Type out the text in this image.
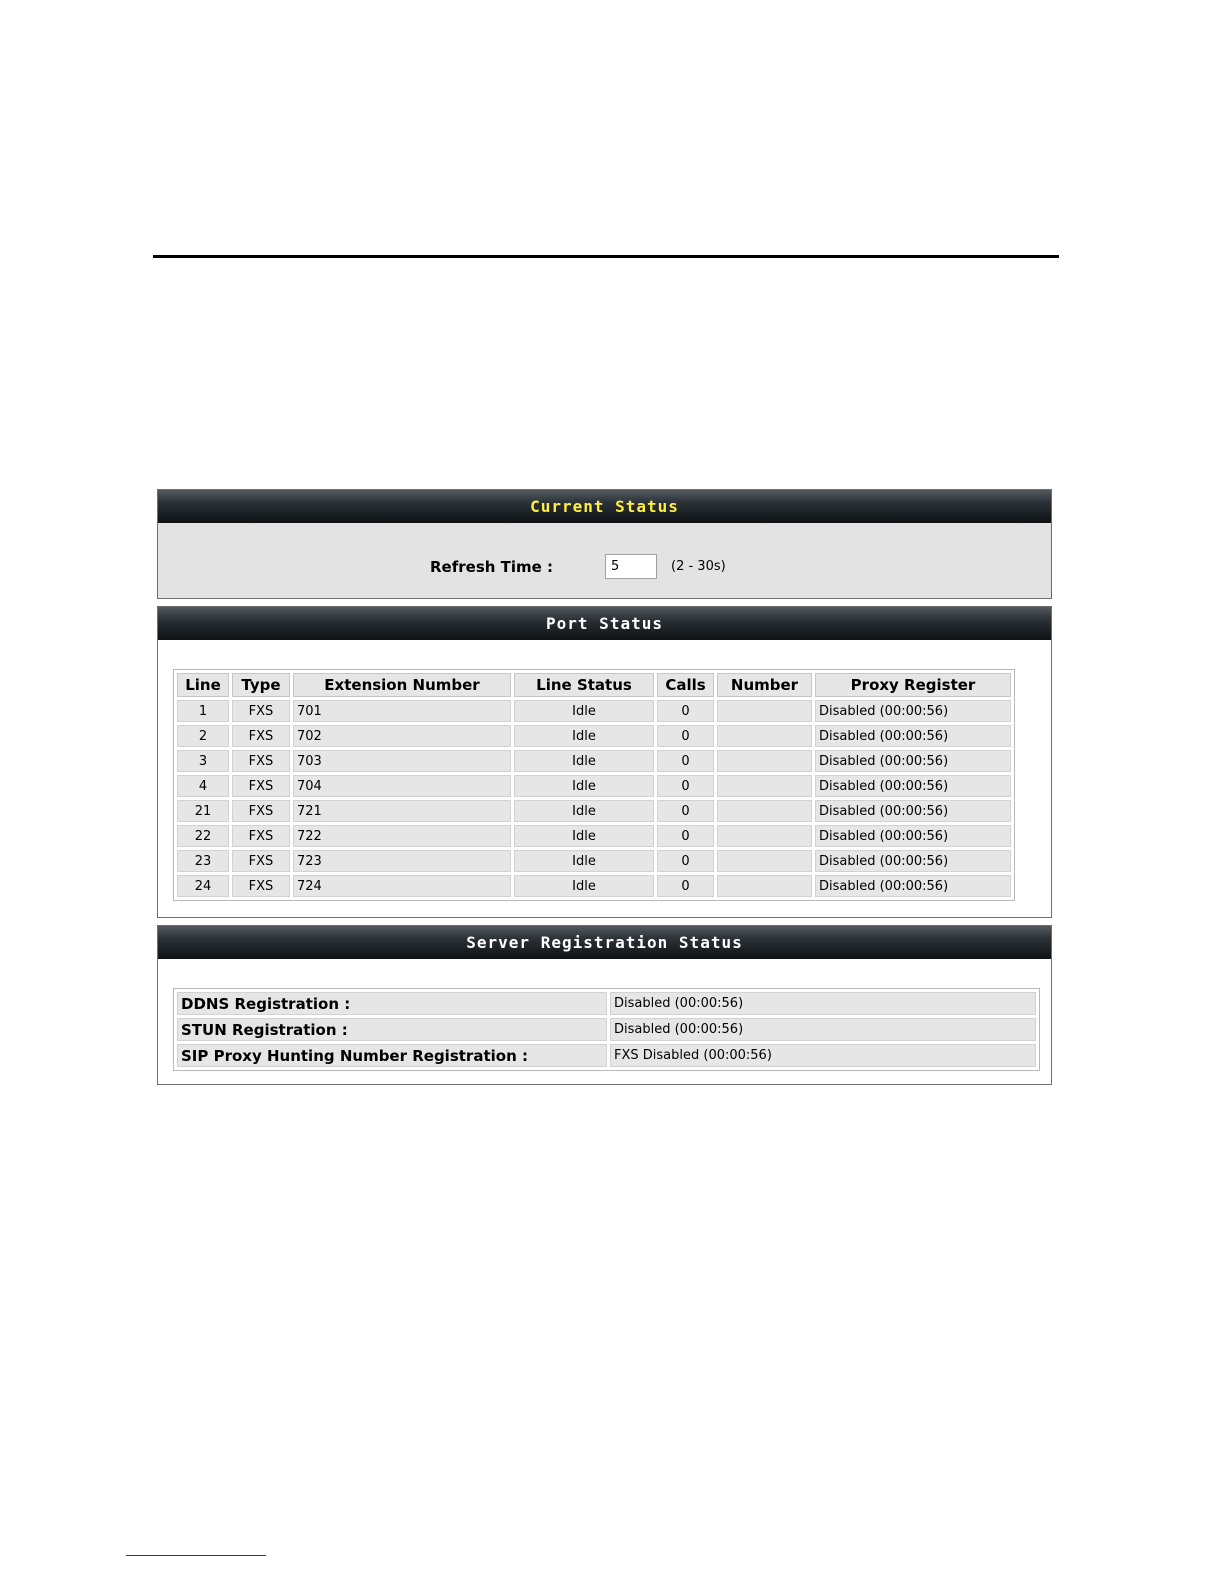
Current Status
Refresh Time :
5	(2 - 30s)
Port Status
Line	Type	Extension Number	Line Status	Calls	Number	Proxy Register
1	FXS	701	Idle	0		Disabled (00:00:56)
2	FXS	702	Idle	0		Disabled (00:00:56)
3	FXS	703	Idle	0		Disabled (00:00:56)
4	FXS	704	Idle	0		Disabled (00:00:56)
21	FXS	721	Idle	0		Disabled (00:00:56)
22	FXS	722	Idle	0		Disabled (00:00:56)
23	FXS	723	Idle	0		Disabled (00:00:56)
24	FXS	724	Idle	0		Disabled (00:00:56)
Server Registration Status
DDNS Registration :	Disabled (00:00:56)
STUN Registration :	Disabled (00:00:56)
SIP Proxy Hunting Number Registration :	FXS Disabled (00:00:56)
